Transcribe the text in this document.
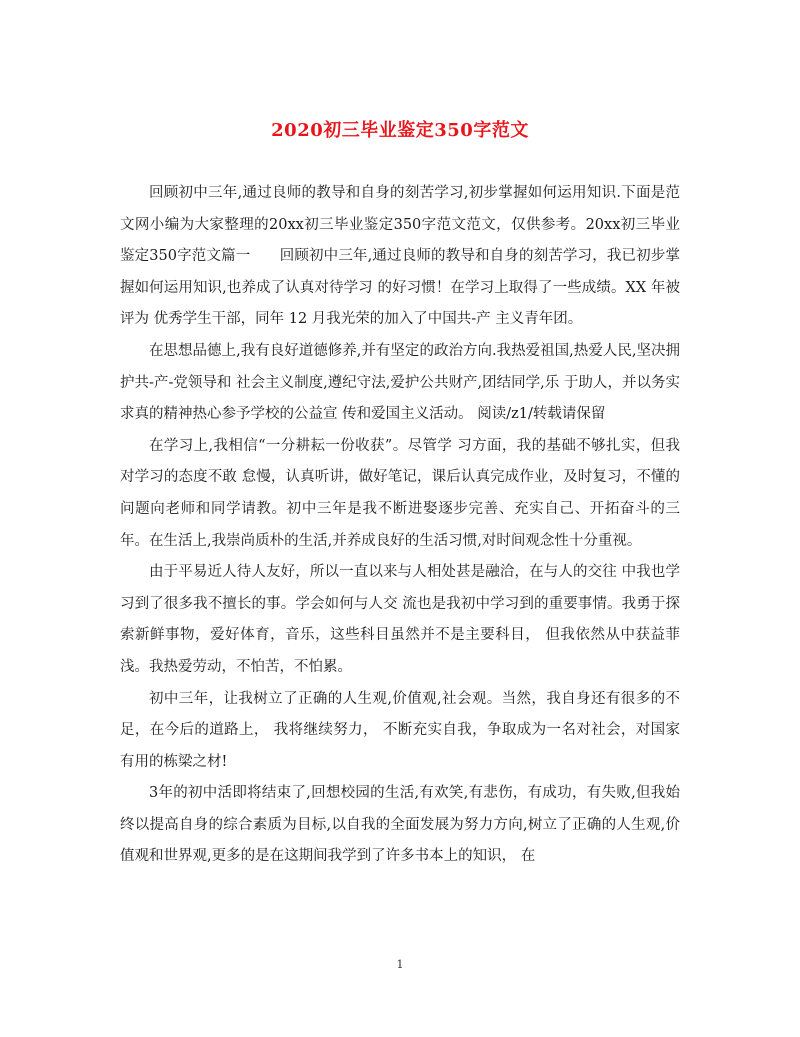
2020初三毕业鉴定350字范文

回顾初中三年,通过良师的教导和自身的刻苦学习,初步掌握如何运用知识.下面是范文网小编为大家整理的20xx初三毕业鉴定350字范文范文，仅供参考。20xx初三毕业鉴定350字范文篇一　　回顾初中三年,通过良师的教导和自身的刻苦学习，我已初步掌握如何运用知识,也养成了认真对待学习 的好习惯！在学习上取得了一些成绩。XX 年被评为 优秀学生干部，同年 12 月我光荣的加入了中国共-产 主义青年团。

在思想品德上,我有良好道德修养,并有坚定的政治方向.我热爱祖国,热爱人民,坚决拥护共-产-党领导和 社会主义制度,遵纪守法,爱护公共财产,团结同学,乐 于助人，并以务实求真的精神热心参予学校的公益宣 传和爱国主义活动。 阅读/z1/转载请保留

在学习上,我相信“一分耕耘一份收获”。尽管学 习方面，我的基础不够扎实，但我对学习的态度不敢 怠慢，认真听讲，做好笔记，课后认真完成作业，及时复习，不懂的问题向老师和同学请教。初中三年是我不断进娶逐步完善、充实自己、开拓奋斗的三年。在生活上,我崇尚质朴的生活,并养成良好的生活习惯,对时间观念性十分重视。

由于平易近人待人友好，所以一直以来与人相处甚是融洽，在与人的交往 中我也学习到了很多我不擅长的事。学会如何与人交 流也是我初中学习到的重要事情。我勇于探索新鲜事物，爱好体育，音乐，这些科目虽然并不是主要科目， 但我依然从中获益菲浅。我热爱劳动，不怕苦，不怕累。

初中三年，让我树立了正确的人生观,价值观,社会观。当然，我自身还有很多的不足，在今后的道路上， 我将继续努力， 不断充实自我，争取成为一名对社会，对国家有用的栋梁之材!

3年的初中活即将结束了,回想校园的生活,有欢笑,有悲伤，有成功，有失败,但我始终以提高自身的综合素质为目标,以自我的全面发展为努力方向,树立了正确的人生观,价值观和世界观,更多的是在这期间我学到了许多书本上的知识， 在

1
